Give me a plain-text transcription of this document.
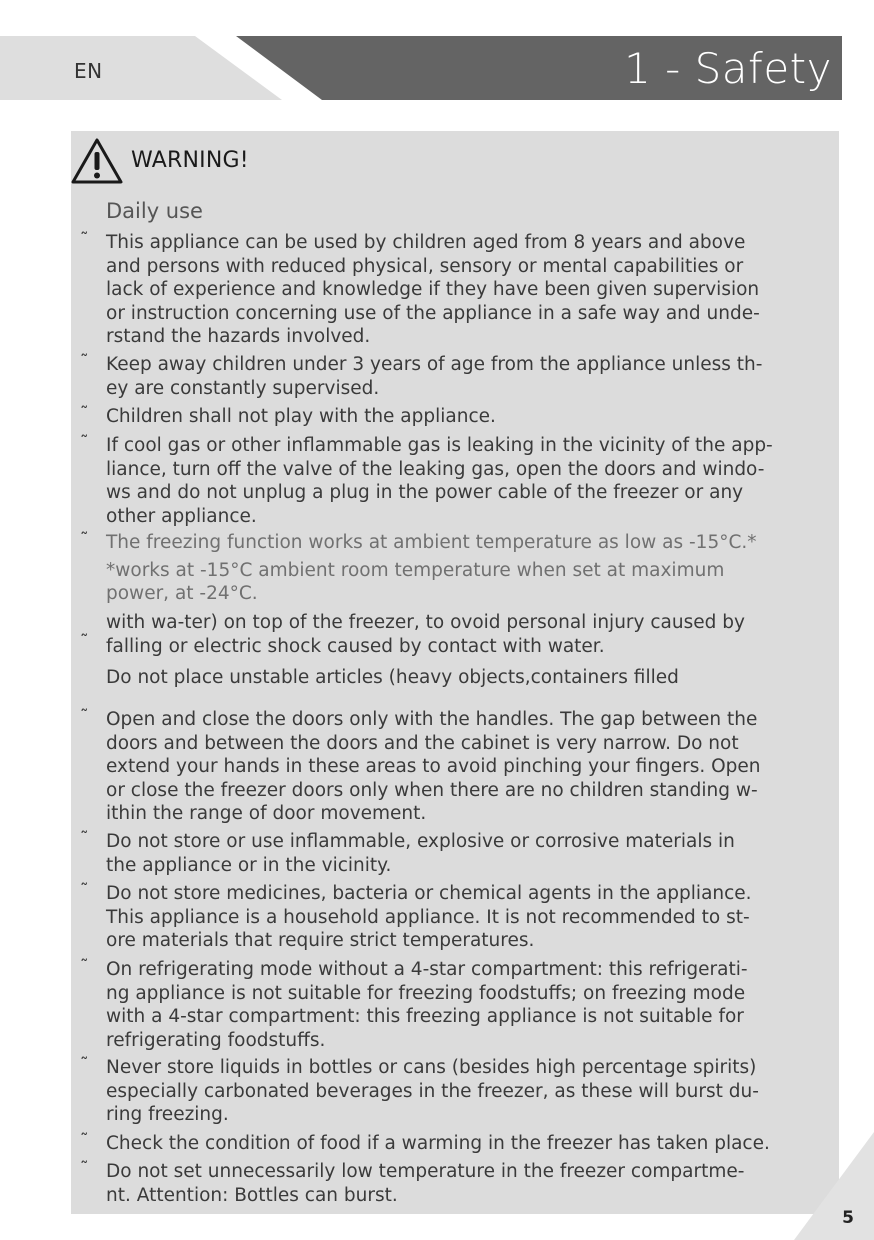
EN	1 - Safety
WARNING!
Daily use
˜ This appliance can be used by children aged from 8 years and above
and persons with reduced physical, sensory or mental capabilities or
lack of experience and knowledge if they have been given supervision
or instruction concerning use of the appliance in a safe way and unde-
rstand the hazards involved.
˜ Keep away children under 3 years of age from the appliance unless th-
ey are constantly supervised.
˜ Children shall not play with the appliance.
˜ If cool gas or other inflammable gas is leaking in the vicinity of the app-
liance, turn off the valve of the leaking gas, open the doors and windo-
ws and do not unplug a plug in the power cable of the freezer or any
other appliance.
˜ The freezing function works at ambient temperature as low as -15°C.*
*works at -15°C ambient room temperature when set at maximum
power, at -24°C.
˜
with wa-ter) on top of the freezer, to ovoid personal injury caused by
falling or electric shock caused by contact with water.
Do not place unstable articles (heavy objects,containers filled
˜ Open and close the doors only with the handles. The gap between the
doors and between the doors and the cabinet is very narrow. Do not
extend your hands in these areas to avoid pinching your fingers. Open
or close the freezer doors only when there are no children standing w-
ithin the range of door movement.
˜ Do not store or use inflammable, explosive or corrosive materials in
the appliance or in the vicinity.
˜ Do not store medicines, bacteria or chemical agents in the appliance.
This appliance is a household appliance. It is not recommended to st-
ore materials that require strict temperatures.
˜ On refrigerating mode without a 4-star compartment: this refrigerati-
ng appliance is not suitable for freezing foodstuffs; on freezing mode
with a 4-star compartment: this freezing appliance is not suitable for
refrigerating foodstuffs.
˜ Never store liquids in bottles or cans (besides high percentage spirits)
especially carbonated beverages in the freezer, as these will burst du-
ring freezing.
˜ Check the condition of food if a warming in the freezer has taken place.
˜ Do not set unnecessarily low temperature in the freezer compartme-
nt. Attention: Bottles can burst.
5
